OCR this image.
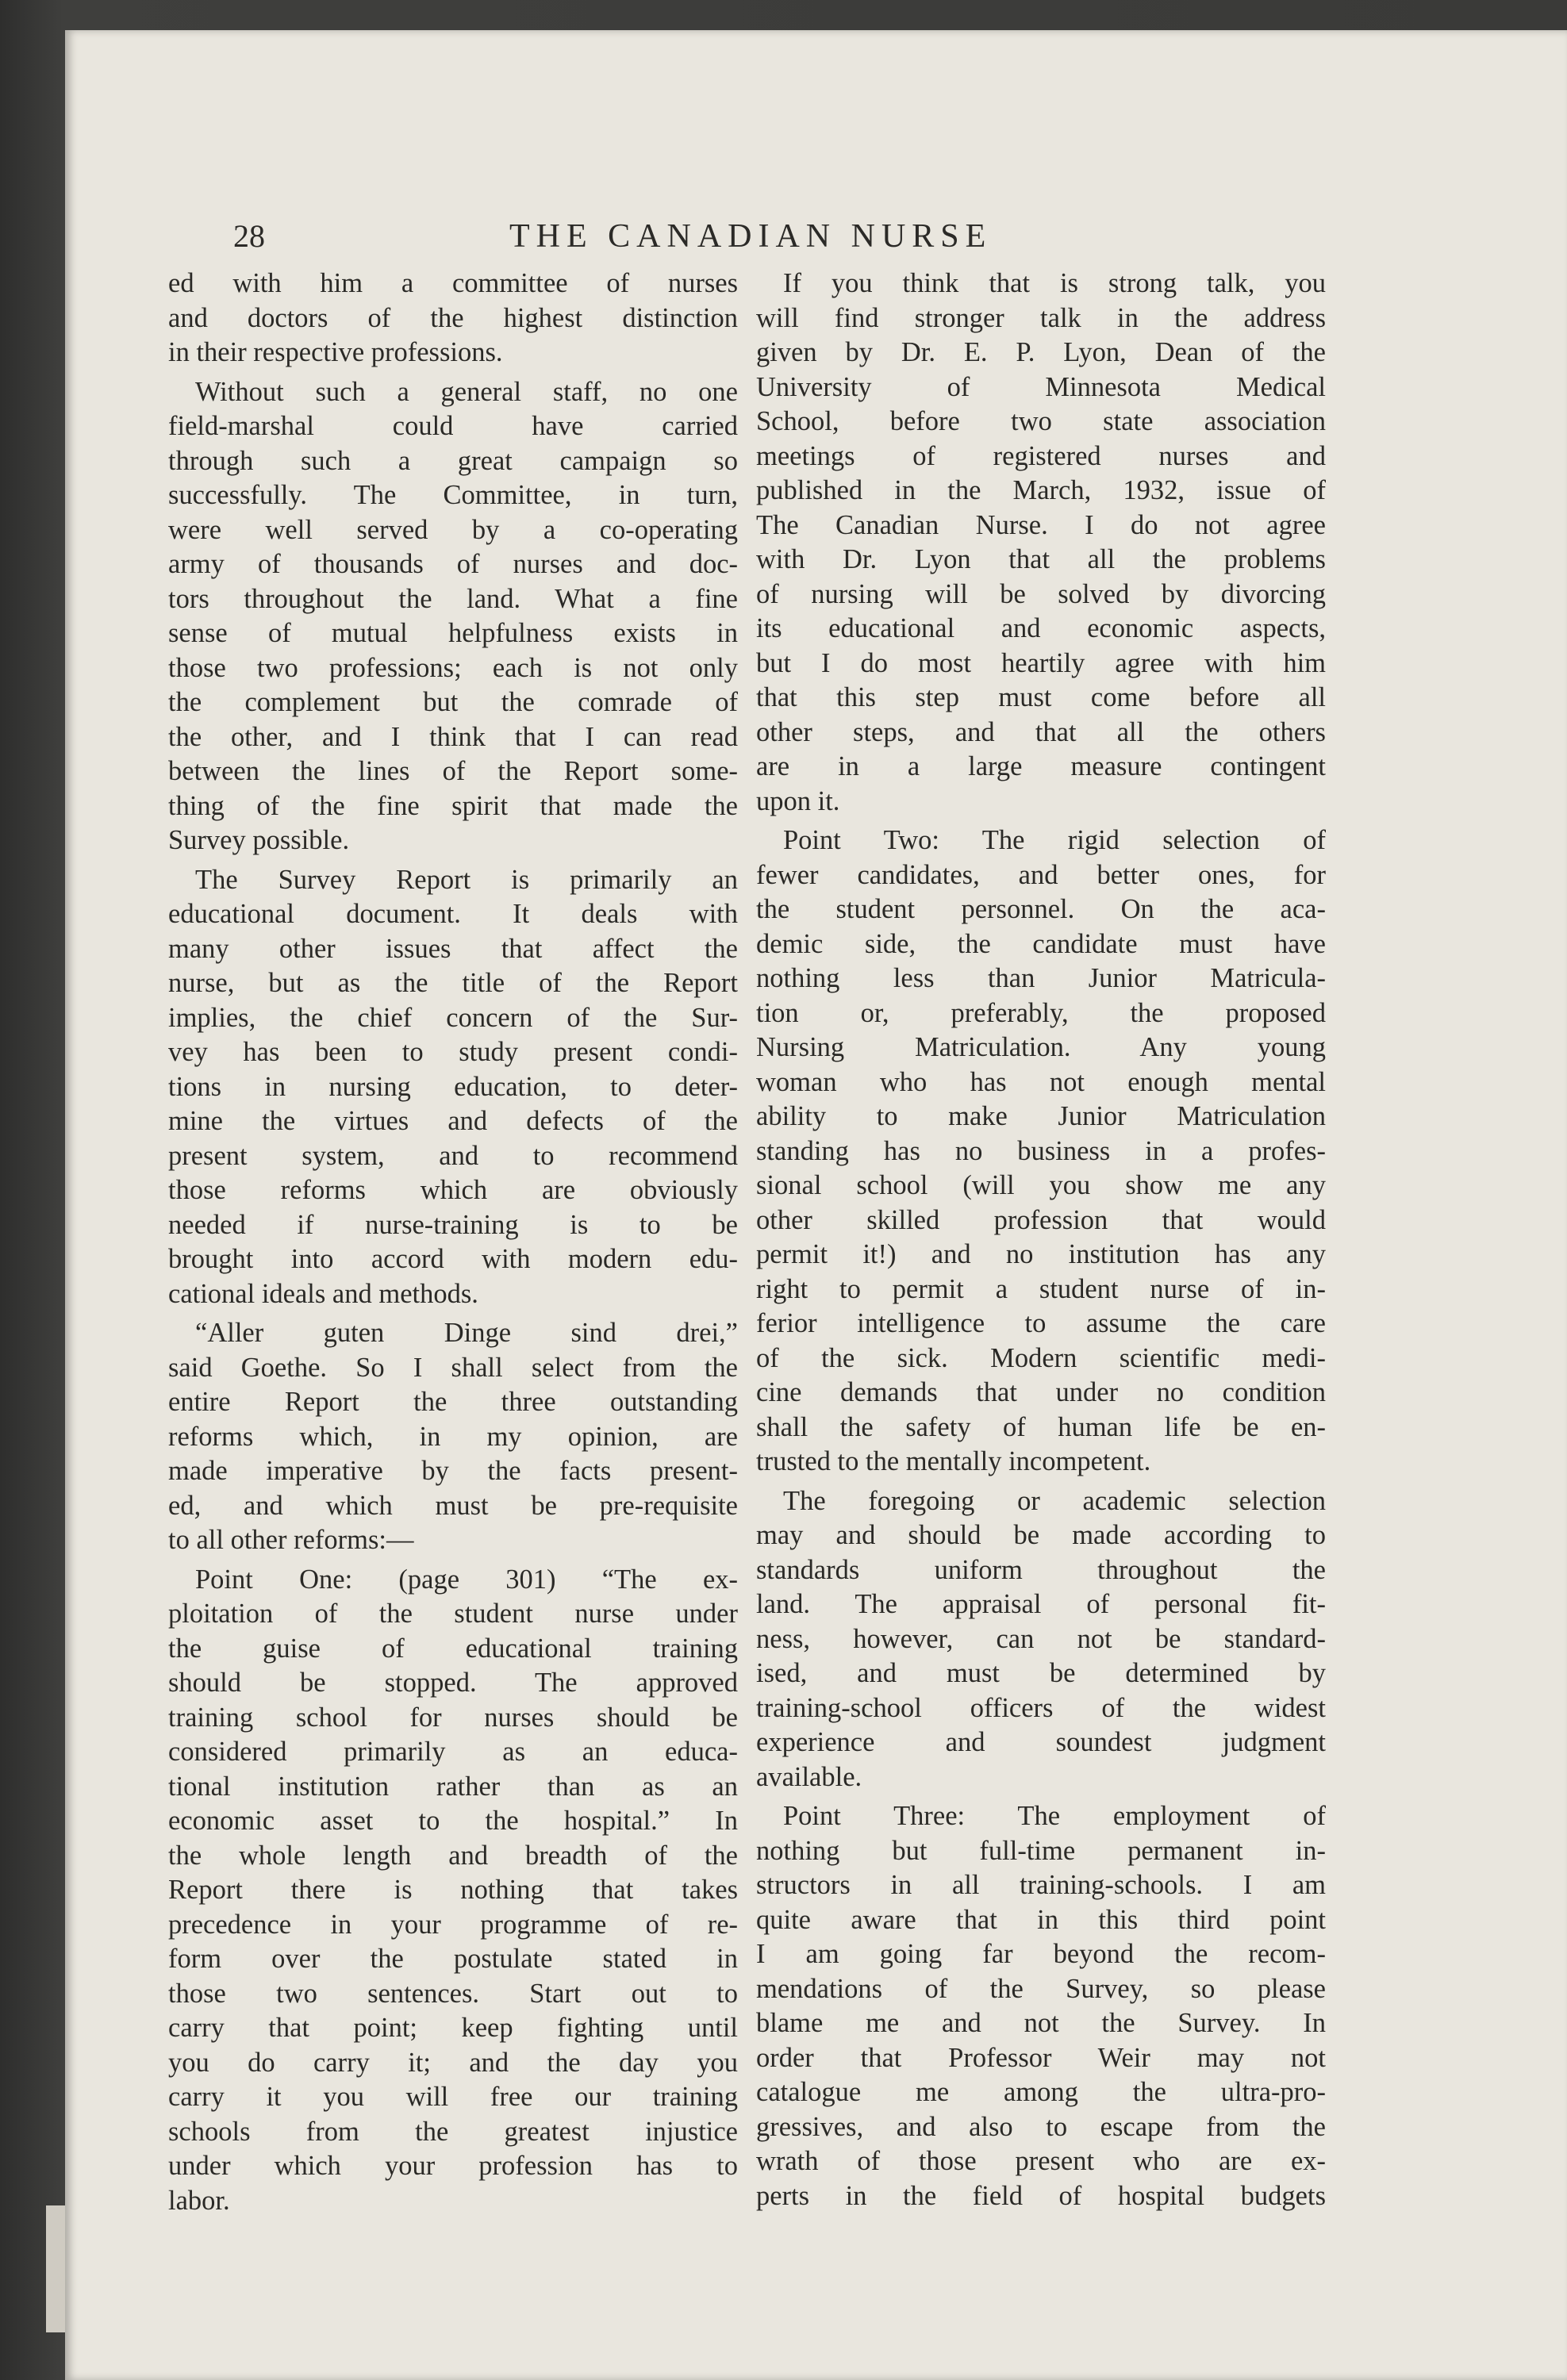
28	THE CANADIAN NURSE
ed with him a committee of nurses
and doctors of the highest distinction
in their respective professions.
Without such a general staff, no one
field-marshal could have carried
through such a great campaign so
successfully. The Committee, in turn,
were well served by a co-operating
army of thousands of nurses and doc-
tors throughout the land. What a fine
sense of mutual helpfulness exists in
those two professions; each is not only
the complement but the comrade of
the other, and I think that I can read
between the lines of the Report some-
thing of the fine spirit that made the
Survey possible.
The Survey Report is primarily an
educational document. It deals with
many other issues that affect the
nurse, but as the title of the Report
implies, the chief concern of the Sur-
vey has been to study present condi-
tions in nursing education, to deter-
mine the virtues and defects of the
present system, and to recommend
those reforms which are obviously
needed if nurse-training is to be
brought into accord with modern edu-
cational ideals and methods.
“Aller guten Dinge sind drei,”
said Goethe. So I shall select from the
entire Report the three outstanding
reforms which, in my opinion, are
made imperative by the facts present-
ed, and which must be pre-requisite
to all other reforms:—
Point One: (page 301) “The ex-
ploitation of the student nurse under
the guise of educational training
should be stopped. The approved
training school for nurses should be
considered primarily as an educa-
tional institution rather than as an
economic asset to the hospital.” In
the whole length and breadth of the
Report there is nothing that takes
precedence in your programme of re-
form over the postulate stated in
those two sentences. Start out to
carry that point; keep fighting until
you do carry it; and the day you
carry it you will free our training
schools from the greatest injustice
under which your profession has to
labor.
If you think that is strong talk, you
will find stronger talk in the address
given by Dr. E. P. Lyon, Dean of the
University of Minnesota Medical
School, before two state association
meetings of registered nurses and
published in the March, 1932, issue of
The Canadian Nurse. I do not agree
with Dr. Lyon that all the problems
of nursing will be solved by divorcing
its educational and economic aspects,
but I do most heartily agree with him
that this step must come before all
other steps, and that all the others
are in a large measure contingent
upon it.
Point Two: The rigid selection of
fewer candidates, and better ones, for
the student personnel. On the aca-
demic side, the candidate must have
nothing less than Junior Matricula-
tion or, preferably, the proposed
Nursing Matriculation. Any young
woman who has not enough mental
ability to make Junior Matriculation
standing has no business in a profes-
sional school (will you show me any
other skilled profession that would
permit it!) and no institution has any
right to permit a student nurse of in-
ferior intelligence to assume the care
of the sick. Modern scientific medi-
cine demands that under no condition
shall the safety of human life be en-
trusted to the mentally incompetent.
The foregoing or academic selection
may and should be made according to
standards uniform throughout the
land. The appraisal of personal fit-
ness, however, can not be standard-
ised, and must be determined by
training-school officers of the widest
experience and soundest judgment
available.
Point Three: The employment of
nothing but full-time permanent in-
structors in all training-schools. I am
quite aware that in this third point
I am going far beyond the recom-
mendations of the Survey, so please
blame me and not the Survey. In
order that Professor Weir may not
catalogue me among the ultra-pro-
gressives, and also to escape from the
wrath of those present who are ex-
perts in the field of hospital budgets
